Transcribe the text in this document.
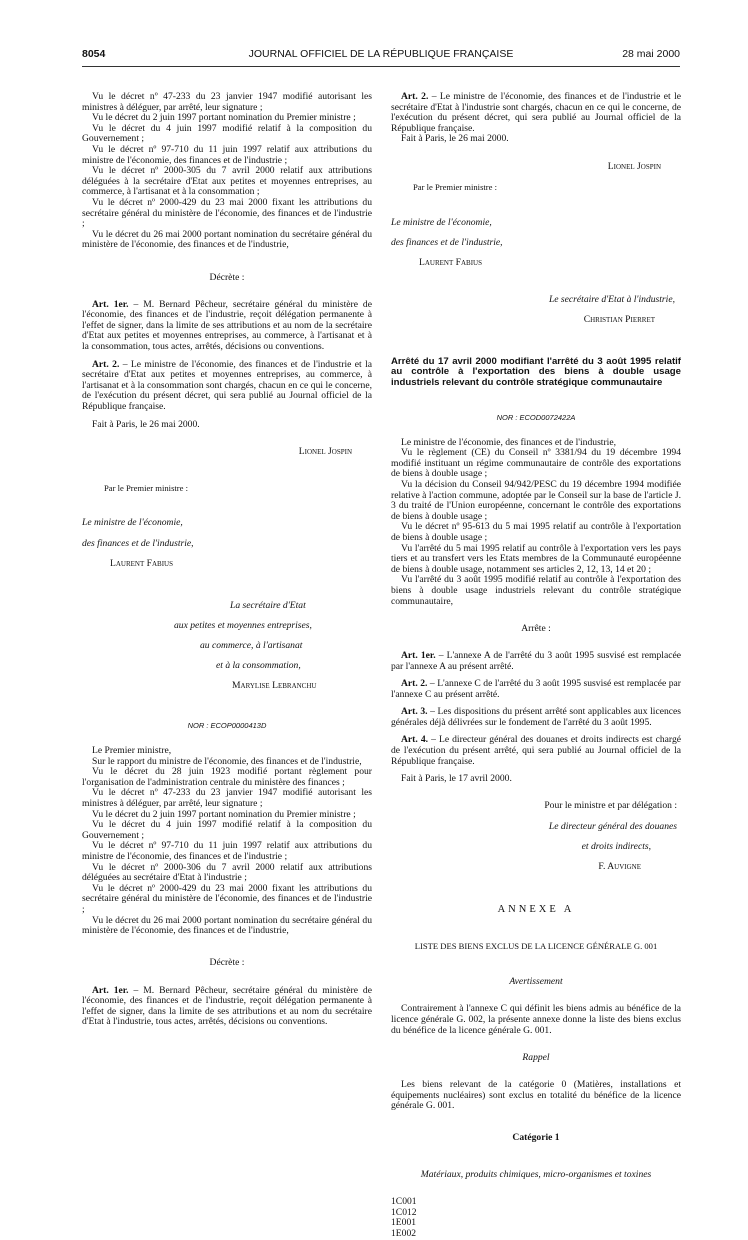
8054	JOURNAL OFFICIEL DE LA RÉPUBLIQUE FRANÇAISE	28 mai 2000

Vu le décret nº 47-233 du 23 janvier 1947 modifié autorisant les ministres à déléguer, par arrêté, leur signature ;

Vu le décret du 2 juin 1997 portant nomination du Premier ministre ;

Vu le décret du 4 juin 1997 modifié relatif à la composition du Gouvernement ;

Vu le décret nº 97-710 du 11 juin 1997 relatif aux attributions du ministre de l'économie, des finances et de l'industrie ;

Vu le décret nº 2000-305 du 7 avril 2000 relatif aux attributions déléguées à la secrétaire d'Etat aux petites et moyennes entreprises, au commerce, à l'artisanat et à la consommation ;

Vu le décret nº 2000-429 du 23 mai 2000 fixant les attributions du secrétaire général du ministère de l'économie, des finances et de l'industrie ;

Vu le décret du 26 mai 2000 portant nomination du secrétaire général du ministère de l'économie, des finances et de l'industrie,

Décrète :

Art. 1er. – M. Bernard Pêcheur, secrétaire général du ministère de l'économie, des finances et de l'industrie, reçoit délégation permanente à l'effet de signer, dans la limite de ses attributions et au nom de la secrétaire d'Etat aux petites et moyennes entreprises, au commerce, à l'artisanat et à la consommation, tous actes, arrêtés, décisions ou conventions.

Art. 2. – Le ministre de l'économie, des finances et de l'industrie et la secrétaire d'Etat aux petites et moyennes entreprises, au commerce, à l'artisanat et à la consommation sont chargés, chacun en ce qui le concerne, de l'exécution du présent décret, qui sera publié au Journal officiel de la République française.

Fait à Paris, le 26 mai 2000.

Lionel Jospin

Par le Premier ministre :

Le ministre de l'économie,

des finances et de l'industrie,

Laurent Fabius

La secrétaire d'Etat

aux petites et moyennes entreprises,

au commerce, à l'artisanat

et à la consommation,

Marylise Lebranchu

NOR : ECOP0000413D

Le Premier ministre,

Sur le rapport du ministre de l'économie, des finances et de l'industrie,

Vu le décret du 28 juin 1923 modifié portant règlement pour l'organisation de l'administration centrale du ministère des finances ;

Vu le décret nº 47-233 du 23 janvier 1947 modifié autorisant les ministres à déléguer, par arrêté, leur signature ;

Vu le décret du 2 juin 1997 portant nomination du Premier ministre ;

Vu le décret du 4 juin 1997 modifié relatif à la composition du Gouvernement ;

Vu le décret nº 97-710 du 11 juin 1997 relatif aux attributions du ministre de l'économie, des finances et de l'industrie ;

Vu le décret nº 2000-306 du 7 avril 2000 relatif aux attributions déléguées au secrétaire d'Etat à l'industrie ;

Vu le décret nº 2000-429 du 23 mai 2000 fixant les attributions du secrétaire général du ministère de l'économie, des finances et de l'industrie ;

Vu le décret du 26 mai 2000 portant nomination du secrétaire général du ministère de l'économie, des finances et de l'industrie,

Décrète :

Art. 1er. – M. Bernard Pêcheur, secrétaire général du ministère de l'économie, des finances et de l'industrie, reçoit délégation permanente à l'effet de signer, dans la limite de ses attributions et au nom du secrétaire d'Etat à l'industrie, tous actes, arrêtés, décisions ou conventions.

Art. 2. – Le ministre de l'économie, des finances et de l'industrie et le secrétaire d'Etat à l'industrie sont chargés, chacun en ce qui le concerne, de l'exécution du présent décret, qui sera publié au Journal officiel de la République française.

Fait à Paris, le 26 mai 2000.

Lionel Jospin

Par le Premier ministre :

Le ministre de l'économie,

des finances et de l'industrie,

Laurent Fabius

Le secrétaire d'Etat à l'industrie,

Christian Pierret

Arrêté du 17 avril 2000 modifiant l'arrêté du 3 août 1995 relatif au contrôle à l'exportation des biens à double usage industriels relevant du contrôle stratégique communautaire

NOR : ECOD0072422A

Le ministre de l'économie, des finances et de l'industrie,

Vu le règlement (CE) du Conseil nº 3381/94 du 19 décembre 1994 modifié instituant un régime communautaire de contrôle des exportations de biens à double usage ;

Vu la décision du Conseil 94/942/PESC du 19 décembre 1994 modifiée relative à l'action commune, adoptée par le Conseil sur la base de l'article J. 3 du traité de l'Union européenne, concernant le contrôle des exportations de biens à double usage ;

Vu le décret nº 95-613 du 5 mai 1995 relatif au contrôle à l'exportation de biens à double usage ;

Vu l'arrêté du 5 mai 1995 relatif au contrôle à l'exportation vers les pays tiers et au transfert vers les Etats membres de la Communauté européenne de biens à double usage, notamment ses articles 2, 12, 13, 14 et 20 ;

Vu l'arrêté du 3 août 1995 modifié relatif au contrôle à l'exportation des biens à double usage industriels relevant du contrôle stratégique communautaire,

Arrête :

Art. 1er. – L'annexe A de l'arrêté du 3 août 1995 susvisé est remplacée par l'annexe A au présent arrêté.

Art. 2. – L'annexe C de l'arrêté du 3 août 1995 susvisé est remplacée par l'annexe C au présent arrêté.

Art. 3. – Les dispositions du présent arrêté sont applicables aux licences générales déjà délivrées sur le fondement de l'arrêté du 3 août 1995.

Art. 4. – Le directeur général des douanes et droits indirects est chargé de l'exécution du présent arrêté, qui sera publié au Journal officiel de la République française.

Fait à Paris, le 17 avril 2000.

Pour le ministre et par délégation :

Le directeur général des douanes

et droits indirects,

F. Auvigne

ANNEXE A

LISTE DES BIENS EXCLUS DE LA LICENCE GÉNÉRALE G. 001

Avertissement

Contrairement à l'annexe C qui définit les biens admis au bénéfice de la licence générale G. 002, la présente annexe donne la liste des biens exclus du bénéfice de la licence générale G. 001.

Rappel

Les biens relevant de la catégorie 0 (Matières, installations et équipements nucléaires) sont exclus en totalité du bénéfice de la licence générale G. 001.

Catégorie 1

Matériaux, produits chimiques, micro-organismes et toxines

1C001

1C012

1E001

1E002
